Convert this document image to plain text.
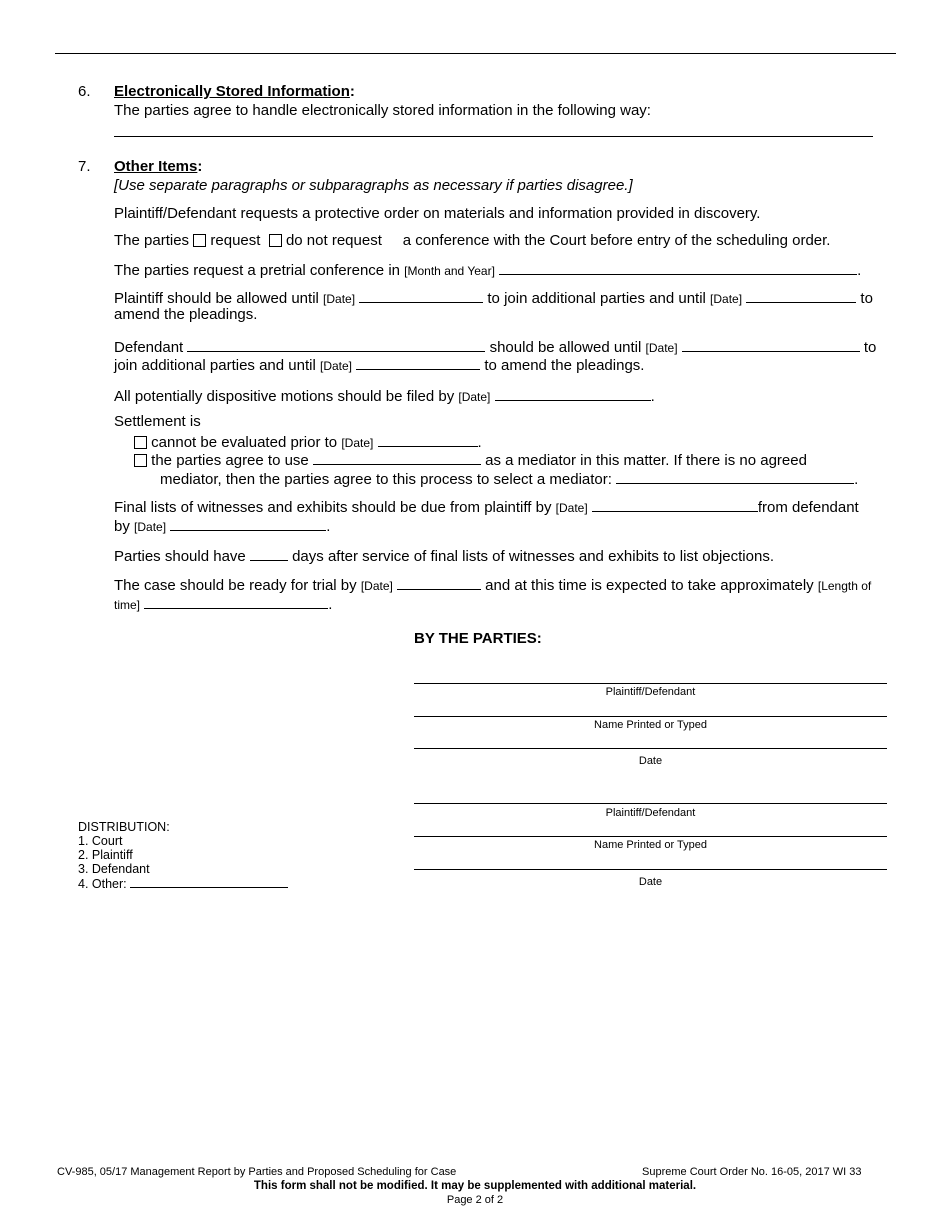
6. Electronically Stored Information:
The parties agree to handle electronically stored information in the following way:
7. Other Items:
[Use separate paragraphs or subparagraphs as necessary if parties disagree.]
Plaintiff/Defendant requests a protective order on materials and information provided in discovery.
The parties request do not request a conference with the Court before entry of the scheduling order.
The parties request a pretrial conference in [Month and Year]	.
Plaintiff should be allowed until [Date]	to join additional parties and until [Date]	to
amend the pleadings.
Defendant	should be allowed until [Date]	to
join additional parties and until [Date]	to amend the pleadings.
All potentially dispositive motions should be filed by [Date]	.
Settlement is
cannot be evaluated prior to [Date]	.
the parties agree to use	as a mediator in this matter. If there is no agreed
mediator, then the parties agree to this process to select a mediator:	.
Final lists of witnesses and exhibits should be due from plaintiff by [Date]	from defendant
by [Date]	.
Parties should have	days after service of final lists of witnesses and exhibits to list objections.
The case should be ready for trial by [Date]	and at this time is expected to take approximately [Length of
time]	.
BY THE PARTIES:
Plaintiff/Defendant
Name Printed or Typed
Date
Plaintiff/Defendant
Name Printed or Typed
Date
DISTRIBUTION:
1. Court
2. Plaintiff
3. Defendant
4. Other:
CV-985, 05/17 Management Report by Parties and Proposed Scheduling for Case	Supreme Court Order No. 16-05, 2017 WI 33
This form shall not be modified. It may be supplemented with additional material.
Page 2 of 2
